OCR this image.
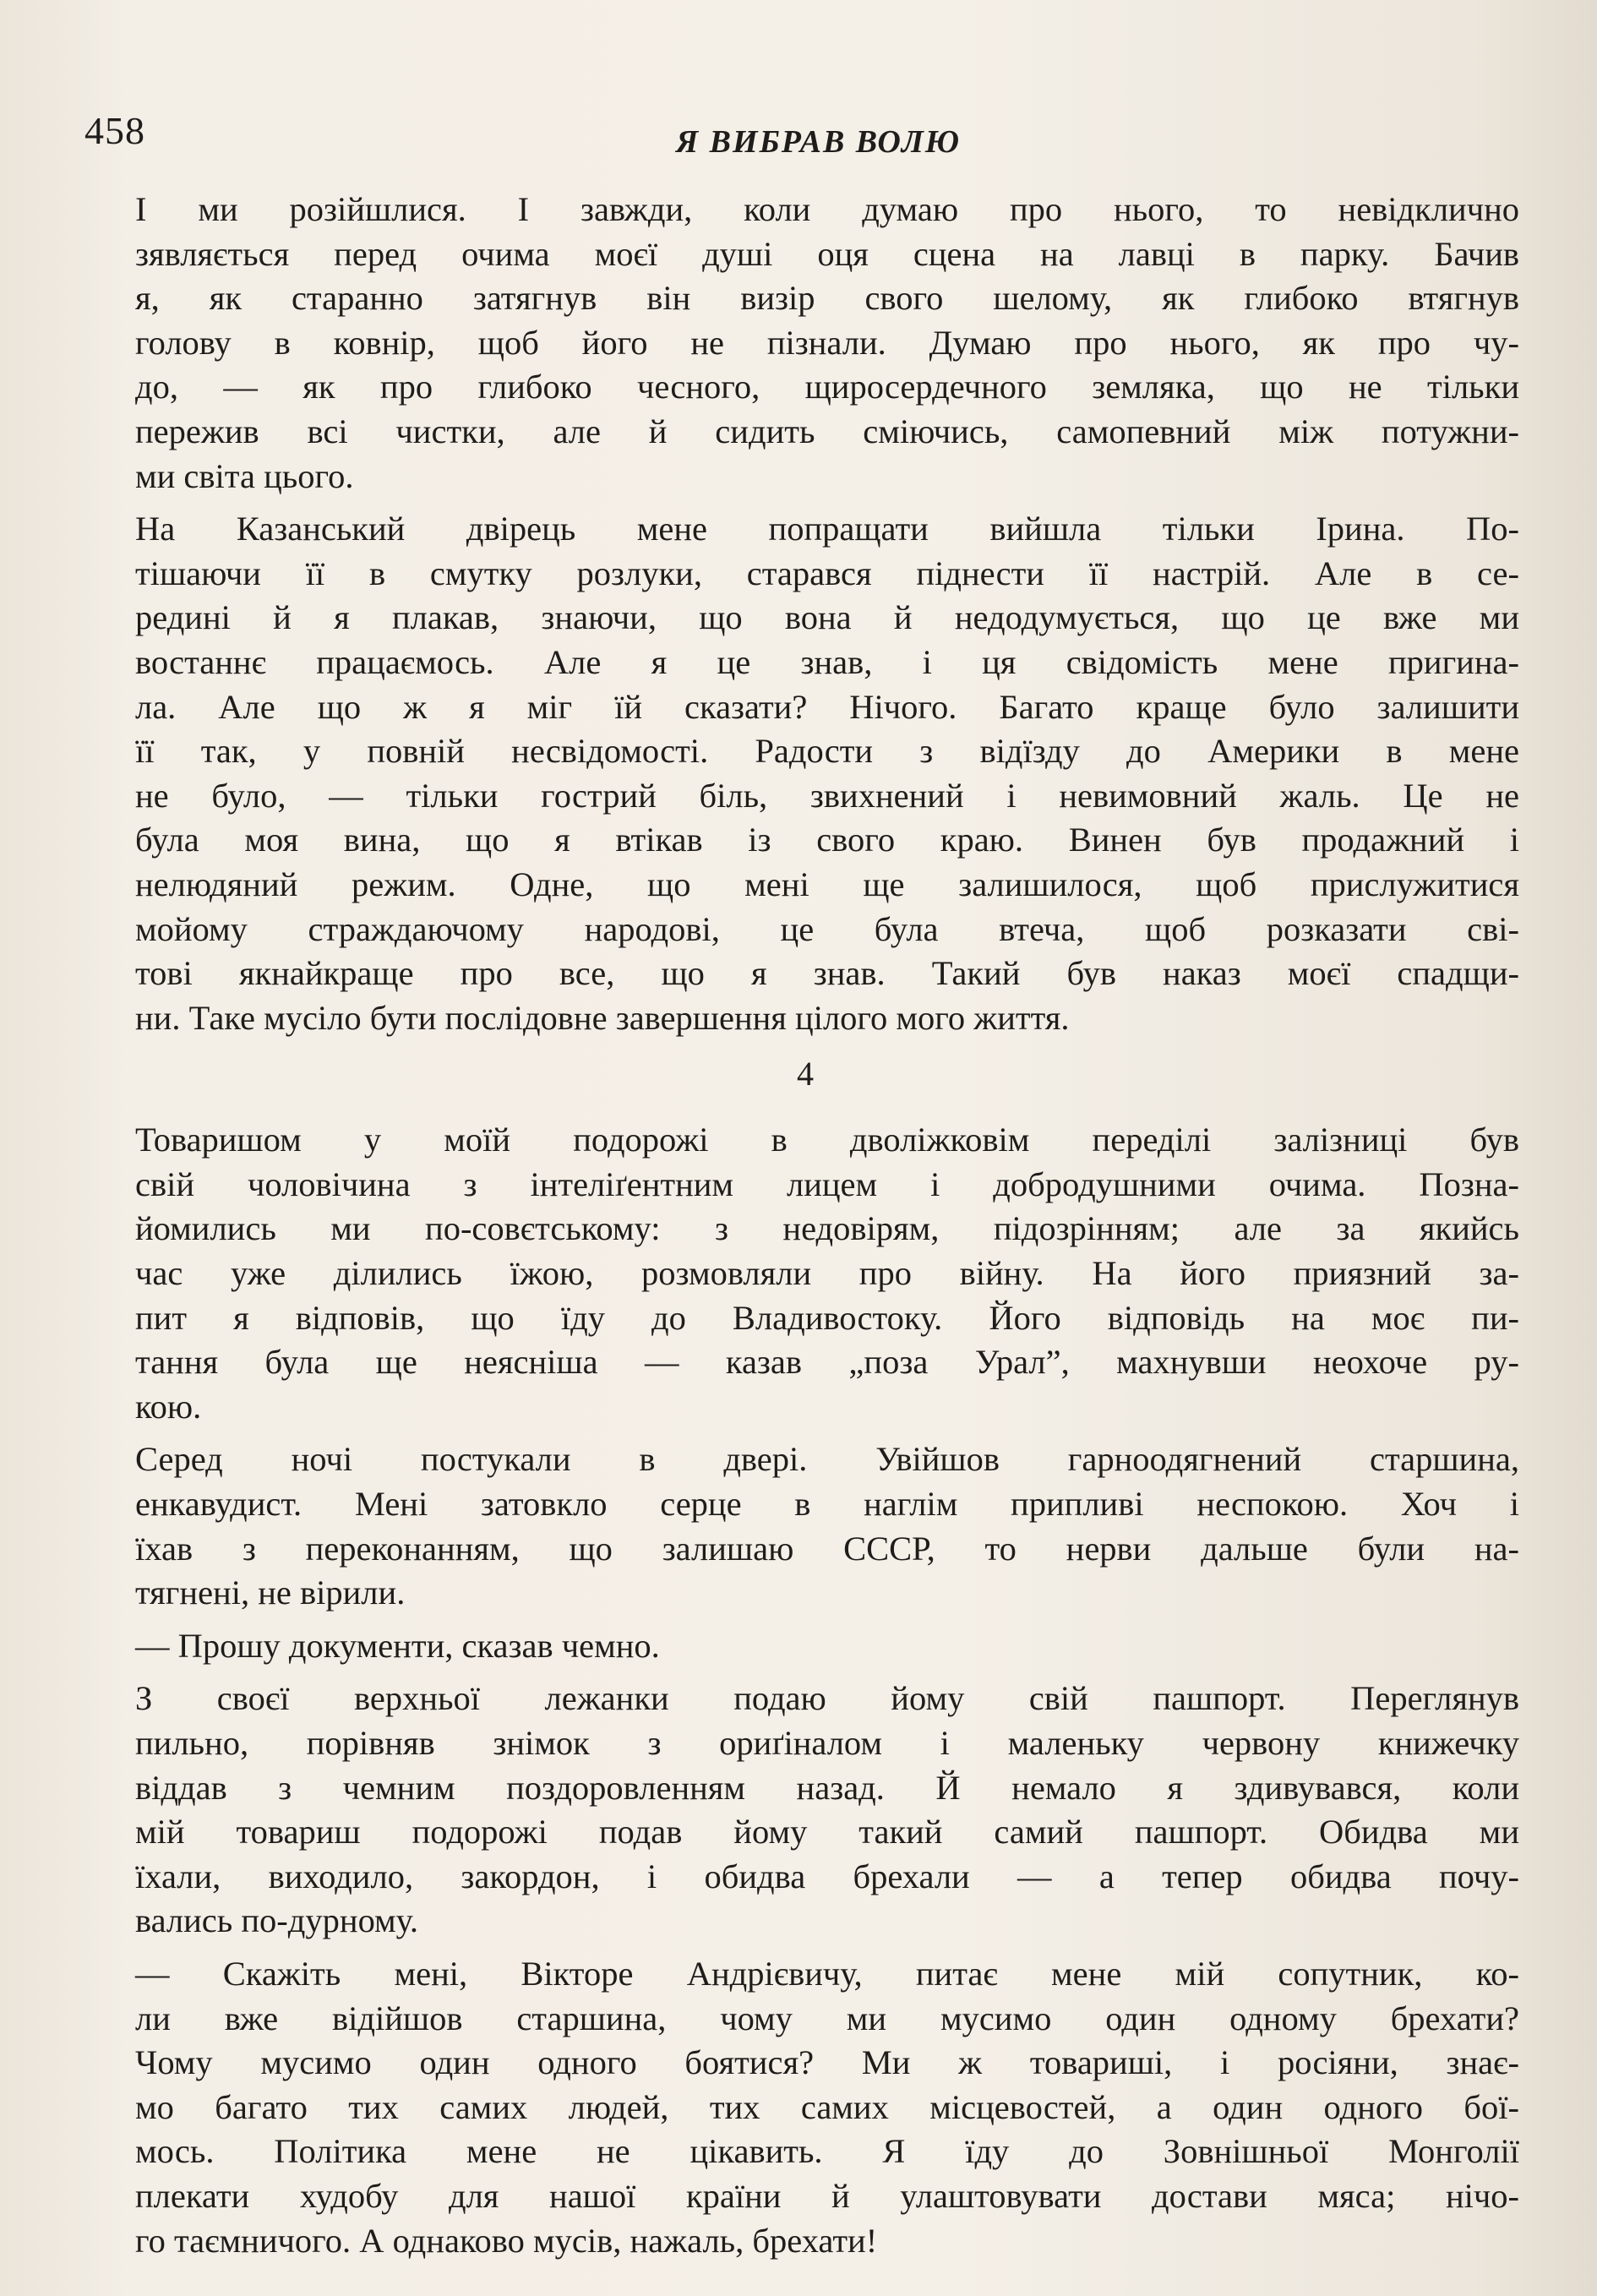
458	Я ВИБРАВ ВОЛЮ

І ми розійшлися. І завжди, коли думаю про нього, то невідклично
зявляється перед очима моєї душі оця сцена на лавці в парку. Бачив
я, як старанно затягнув він визір свого шелому, як глибоко втягнув
голову в ковнір, щоб його не пізнали. Думаю про нього, як про чу-
до, — як про глибоко чесного, щиросердечного земляка, що не тільки
пережив всі чистки, але й сидить сміючись, самопевний між потужни-
ми світа цього.

На Казанський двірець мене попращати вийшла тільки Ірина. По-
тішаючи її в смутку розлуки, старався піднести її настрій. Але в се-
редині й я плакав, знаючи, що вона й недодумується, що це вже ми
востаннє працаємось. Але я це знав, і ця свідомість мене пригина-
ла. Але що ж я міг їй сказати? Нічого. Багато краще було залишити
її так, у повній несвідомості. Радости з відїзду до Америки в мене
не було, — тільки гострий біль, звихнений і невимовний жаль. Це не
була моя вина, що я втікав із свого краю. Винен був продажний і
нелюдяний режим. Одне, що мені ще залишилося, щоб прислужитися
мойому страждаючому народові, це була втеча, щоб розказати сві-
тові якнайкраще про все, що я знав. Такий був наказ моєї спадщи-
ни. Таке мусіло бути послідовне завершення цілого мого життя.

4

Товаришом у моїй подорожі в дволіжковім переділі залізниці був
свій чоловічина з інтеліґентним лицем і добродушними очима. Позна-
йомились ми по-совєтському: з недовірям, підозрінням; але за якийсь
час уже ділились їжою, розмовляли про війну. На його приязний за-
пит я відповів, що їду до Владивостоку. Його відповідь на моє пи-
тання була ще неясніша — казав „поза Урал”, махнувши неохоче ру-
кою.

Серед ночі постукали в двері. Увійшов гарноодягнений старшина,
енкавудист. Мені затовкло серце в наглім припливі неспокою. Хоч і
їхав з переконанням, що залишаю СССР, то нерви дальше були на-
тягнені, не вірили.

— Прошу документи, сказав чемно.

З своєї верхньої лежанки подаю йому свій пашпорт. Переглянув
пильно, порівняв знімок з ориґіналом і маленьку червону книжечку
віддав з чемним поздоровленням назад. Й немало я здивувався, коли
мій товариш подорожі подав йому такий самий пашпорт. Обидва ми
їхали, виходило, закордон, і обидва брехали — а тепер обидва почу-
вались по-дурному.

— Скажіть мені, Вікторе Андрієвичу, питає мене мій сопутник, ко-
ли вже відійшов старшина, чому ми мусимо один одному брехати?
Чому мусимо один одного боятися? Ми ж товариші, і росіяни, знає-
мо багато тих самих людей, тих самих місцевостей, а один одного бої-
мось. Політика мене не цікавить. Я їду до Зовнішньої Монголії
плекати худобу для нашої країни й улаштовувати достави мяса; нічо-
го таємничого. А однаково мусів, нажаль, брехати!
